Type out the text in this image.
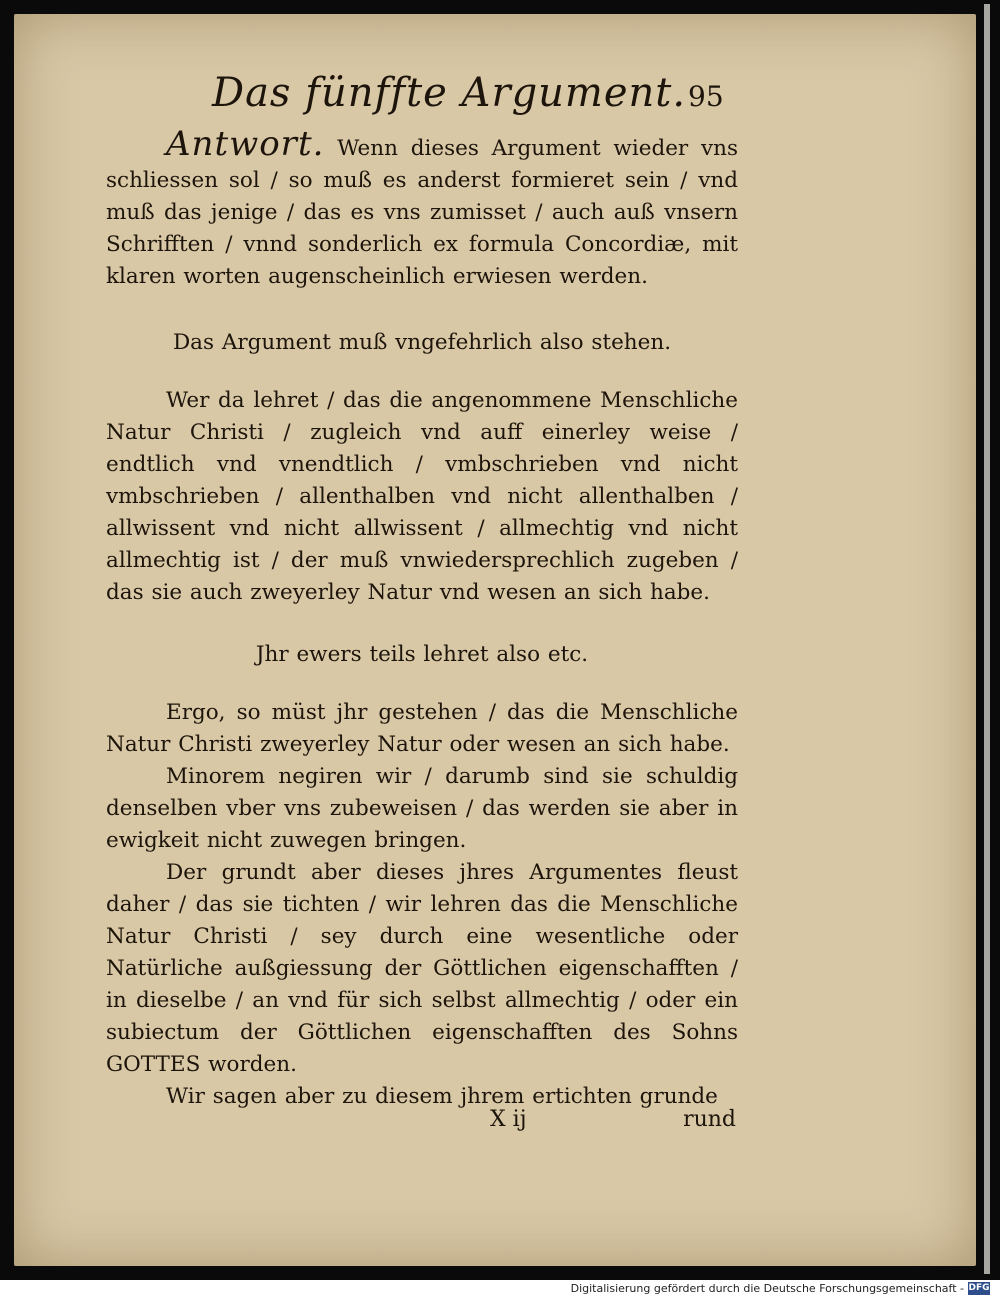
Das fünffte Argument. 95

Antwort. Wenn dieses Argument wieder vns schliessen sol / so muß es anderst formieret sein / vnd muß das jenige / das es vns zumisset / auch auß vnsern Schrifften / vnnd sonderlich ex formula Concordiæ, mit klaren worten augenscheinlich erwiesen werden.

Das Argument muß vngefehrlich also stehen.

Wer da lehret / das die angenommene Menschliche Natur Christi / zugleich vnd auff einerley weise / endtlich vnd vnendtlich / vmbschrieben vnd nicht vmbschrieben / allenthalben vnd nicht allenthalben / allwissent vnd nicht allwissent / allmechtig vnd nicht allmechtig ist / der muß vnwiedersprechlich zugeben / das sie auch zweyerley Natur vnd wesen an sich habe.

Jhr ewers teils lehret also etc.

Ergo, so müst jhr gestehen / das die Menschliche Natur Christi zweyerley Natur oder wesen an sich habe.

Minorem negiren wir / darumb sind sie schuldig denselben vber vns zubeweisen / das werden sie aber in ewigkeit nicht zuwegen bringen.

Der grundt aber dieses jhres Argumentes fleust daher / das sie tichten / wir lehren das die Menschliche Natur Christi / sey durch eine wesentliche oder Natürliche außgiessung der Göttlichen eigenschafften / in dieselbe / an vnd für sich selbst allmechtig / oder ein subiectum der Göttlichen eigenschafften des Sohns GOTTES worden.

Wir sagen aber zu diesem jhrem ertichten grunde

X ij	rund
Digitalisierung gefördert durch die Deutsche Forschungsgemeinschaft - DFG
